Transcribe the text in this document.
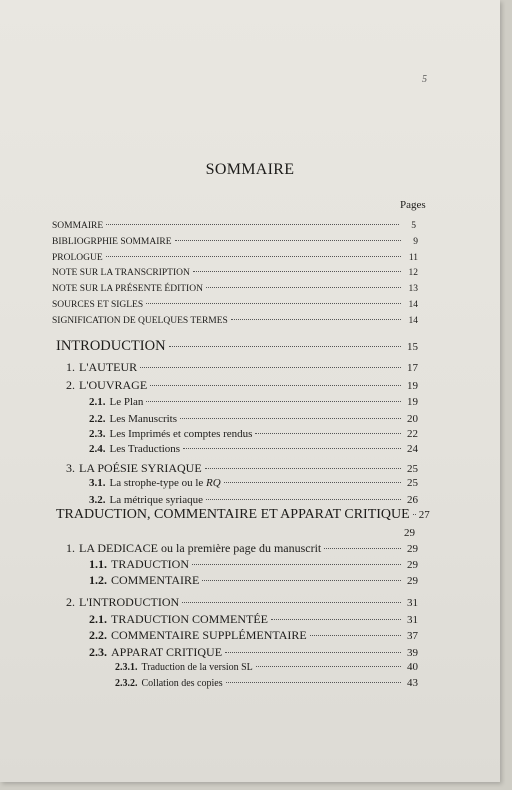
5
SOMMAIRE
Pages
SOMMAIRE	5
BIBLIOGRPHIE SOMMAIRE	9
PROLOGUE	11
NOTE SUR LA TRANSCRIPTION	12
NOTE SUR LA PRÉSENTE ÉDITION	13
SOURCES ET SIGLES	14
SIGNIFICATION DE QUELQUES TERMES	14
INTRODUCTION	15
1. L'AUTEUR	17
2. L'OUVRAGE	19
2.1. Le Plan	19
2.2. Les Manuscrits	20
2.3. Les Imprimés et comptes rendus	22
2.4. Les Traductions	24
3. LA POÉSIE SYRIAQUE	25
3.1. La strophe-type ou le RQ	25
3.2. La métrique syriaque	26
TRADUCTION, COMMENTAIRE ET APPARAT CRITIQUE 27
29
1. LA DEDICACE ou la première page du manuscrit	29
1.1. TRADUCTION	29
1.2. COMMENTAIRE	29
2. L'INTRODUCTION	31
2.1. TRADUCTION COMMENTÉE	31
2.2. COMMENTAIRE SUPPLÉMENTAIRE	37
2.3. APPARAT CRITIQUE	39
2.3.1. Traduction de la version SL	40
2.3.2. Collation des copies	43
